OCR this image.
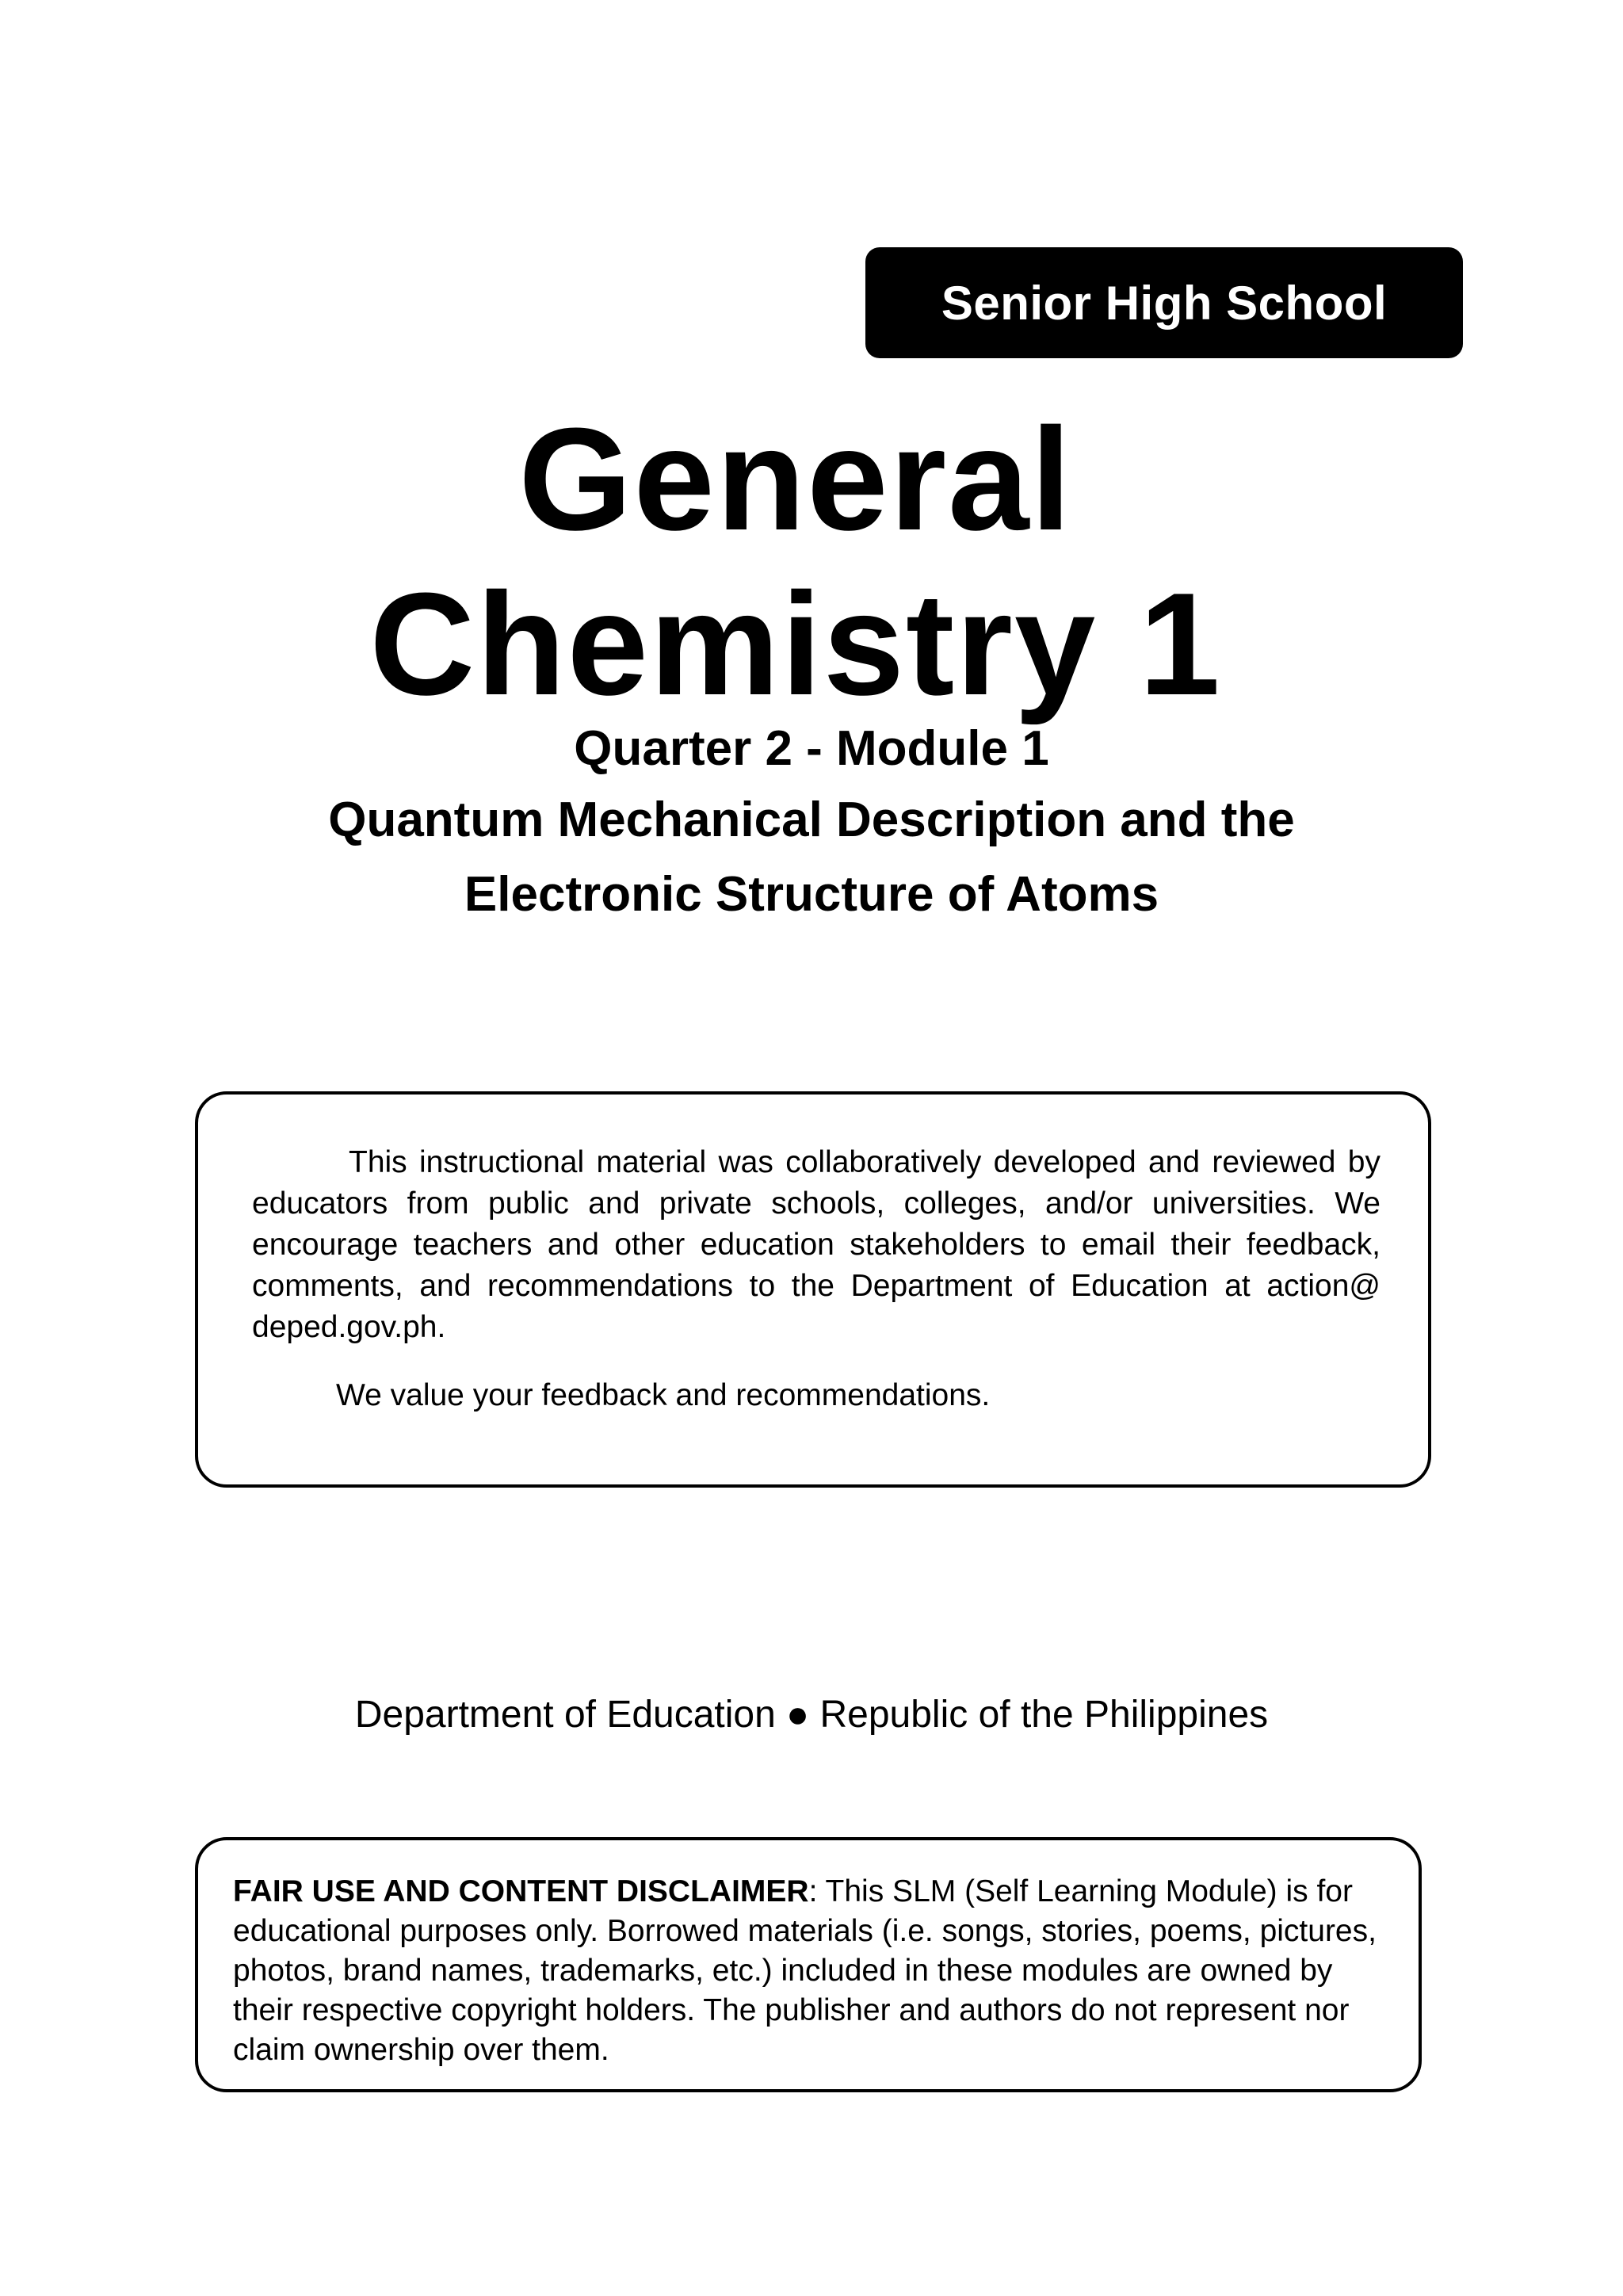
Senior High School
General
Chemistry 1
Quarter 2 - Module 1
Quantum Mechanical Description and the
Electronic Structure of Atoms

This instructional material was collaboratively developed and reviewed by educators from public and private schools, colleges, and/or universities. We encourage teachers and other education stakeholders to email their feedback, comments, and recommendations to the Department of Education at action@ deped.gov.ph.

We value your feedback and recommendations.

Department of Education ● Republic of the Philippines

FAIR USE AND CONTENT DISCLAIMER: This SLM (Self Learning Module) is for educational purposes only. Borrowed materials (i.e. songs, stories, poems, pictures, photos, brand names, trademarks, etc.) included in these modules are owned by their respective copyright holders. The publisher and authors do not represent nor claim ownership over them.
